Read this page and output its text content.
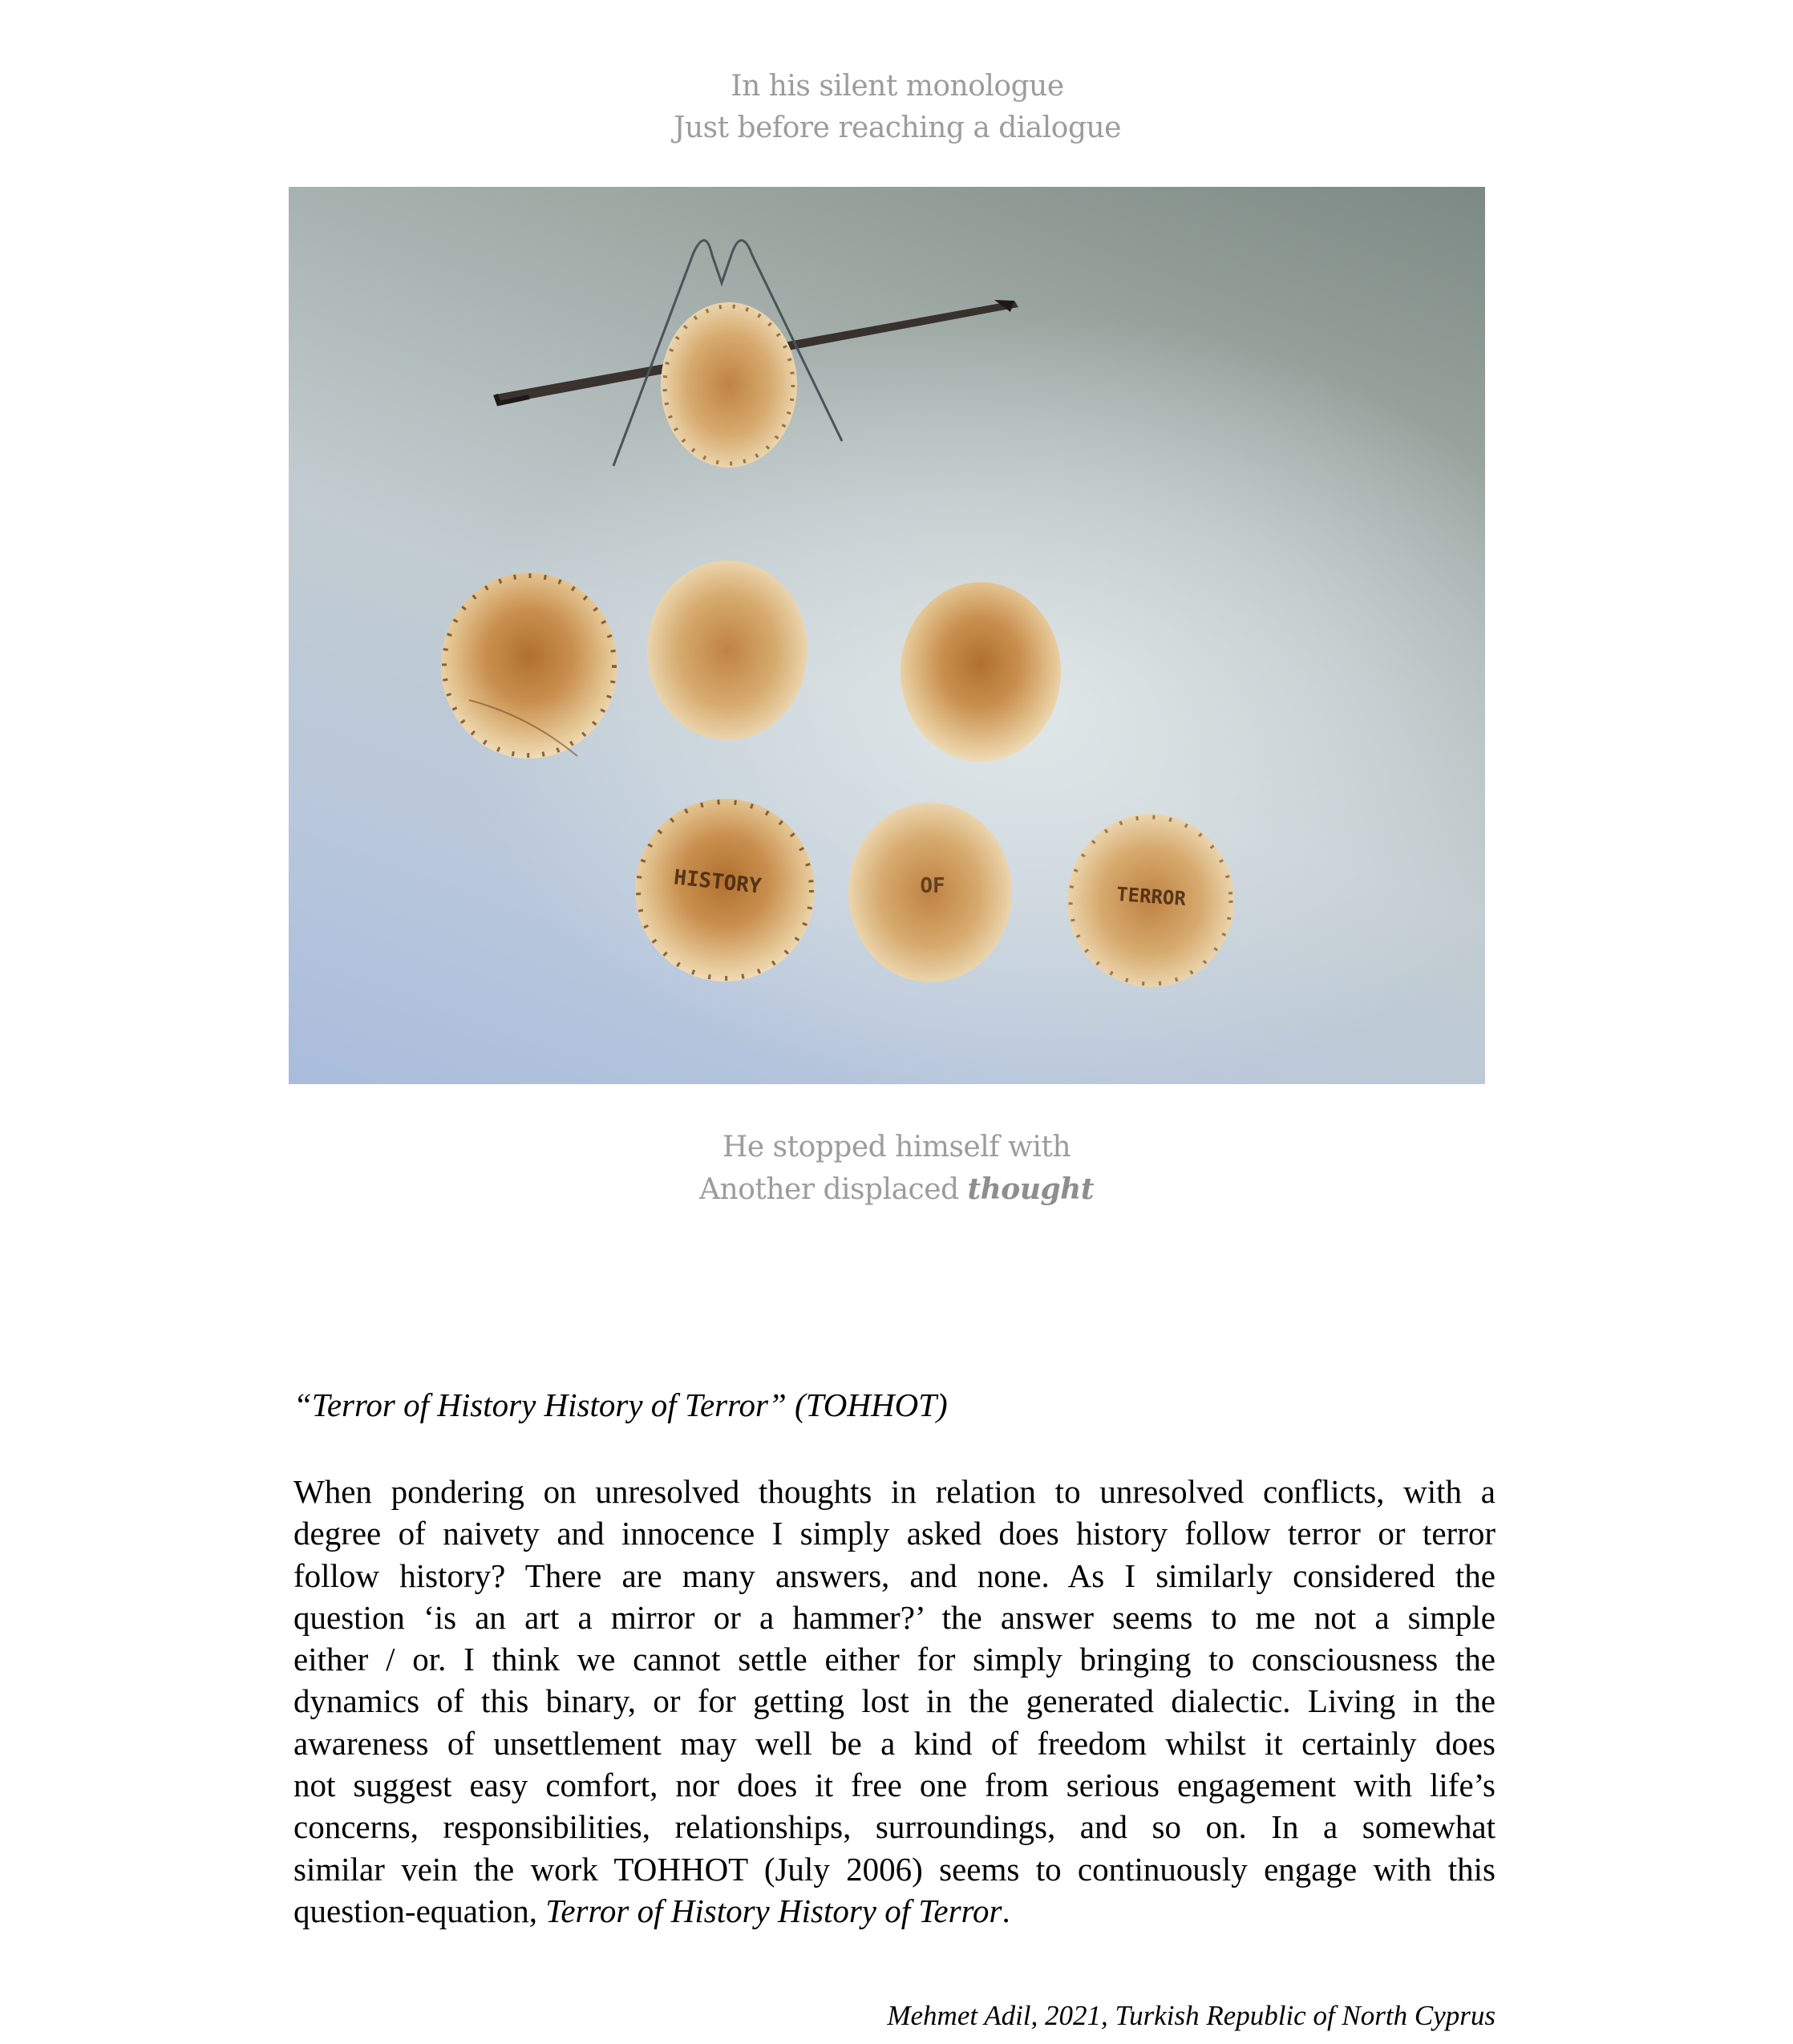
In his silent monologue
Just before reaching a dialogue
HISTORY	OF	TERROR
He stopped himself with
Another displaced thought
“Terror of History History of Terror” (TOHHOT)
When pondering on unresolved thoughts in relation to unresolved conflicts, with a
degree of naivety and innocence I simply asked does history follow terror or terror
follow history? There are many answers, and none. As I similarly considered the
question ‘is an art a mirror or a hammer?’ the answer seems to me not a simple
either / or. I think we cannot settle either for simply bringing to consciousness the
dynamics of this binary, or for getting lost in the generated dialectic. Living in the
awareness of unsettlement may well be a kind of freedom whilst it certainly does
not suggest easy comfort, nor does it free one from serious engagement with life’s
concerns, responsibilities, relationships, surroundings, and so on. In a somewhat
similar vein the work TOHHOT (July 2006) seems to continuously engage with this
question-equation, Terror of History History of Terror.
Mehmet Adil, 2021, Turkish Republic of North Cyprus
